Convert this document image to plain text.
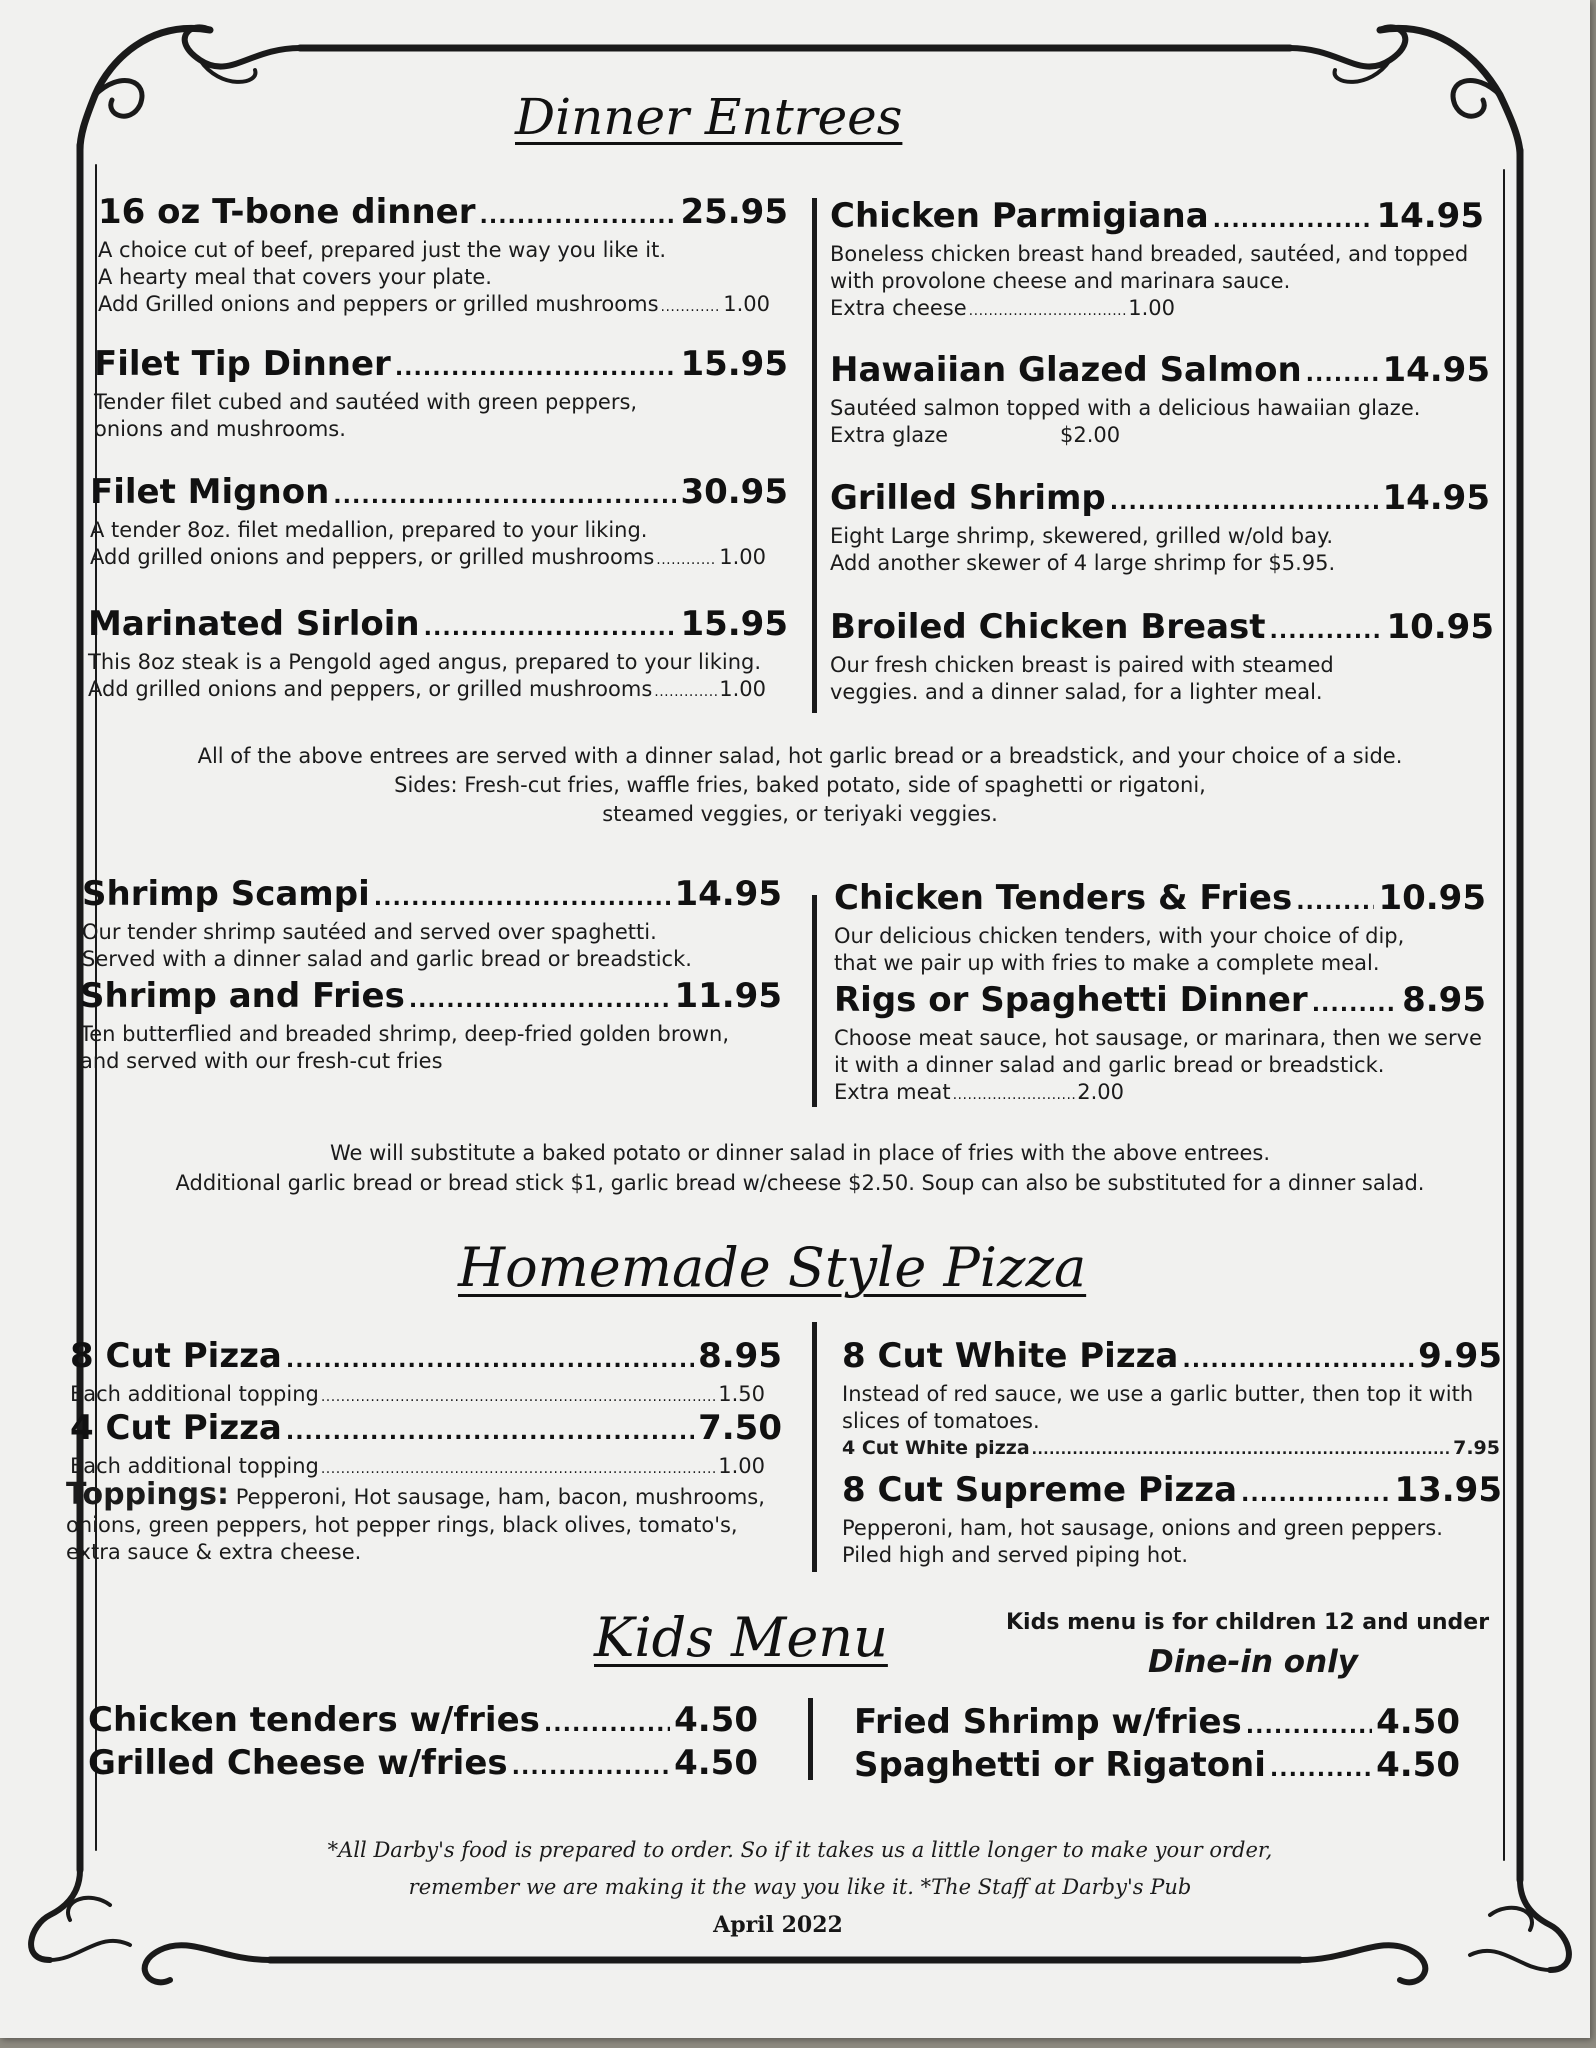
Dinner Entrees
16 oz T-bone dinner .....	25.95
A choice cut of beef, prepared just the way you like it.
A hearty meal that covers your plate.
Add Grilled onions and peppers or grilled mushrooms .....	1.00
Filet Tip Dinner .....	15.95
Tender filet cubed and sautéed with green peppers,
onions and mushrooms.
Filet Mignon .....	30.95
A tender 8oz. filet medallion, prepared to your liking.
Add grilled onions and peppers, or grilled mushrooms .....	1.00
Marinated Sirloin .....	15.95
This 8oz steak is a Pengold aged angus, prepared to your liking.
Add grilled onions and peppers, or grilled mushrooms .....	1.00
Chicken Parmigiana .....	14.95
Boneless chicken breast hand breaded, sautéed, and topped
with provolone cheese and marinara sauce.
Extra cheese .....	1.00
Hawaiian Glazed Salmon ..... 14.95
Sautéed salmon topped with a delicious hawaiian glaze.
Extra glaze	$2.00
Grilled Shrimp .....	14.95
Eight Large shrimp, skewered, grilled w/old bay.
Add another skewer of 4 large shrimp for $5.95.
Broiled Chicken Breast .....	10.95
Our fresh chicken breast is paired with steamed
veggies. and a dinner salad, for a lighter meal.
All of the above entrees are served with a dinner salad, hot garlic bread or a breadstick, and your choice of a side.
Sides: Fresh-cut fries, waffle fries, baked potato, side of spaghetti or rigatoni,
steamed veggies, or teriyaki veggies.
Shrimp Scampi .....	14.95
Our tender shrimp sautéed and served over spaghetti.
Served with a dinner salad and garlic bread or breadstick.
Shrimp and Fries .....	11.95
Ten butterflied and breaded shrimp, deep-fried golden brown,
and served with our fresh-cut fries
Chicken Tenders & Fries .....	10.95
Our delicious chicken tenders, with your choice of dip,
that we pair up with fries to make a complete meal.
Rigs or Spaghetti Dinner .....	8.95
Choose meat sauce, hot sausage, or marinara, then we serve
it with a dinner salad and garlic bread or breadstick.
Extra meat .....	2.00
We will substitute a baked potato or dinner salad in place of fries with the above entrees.
Additional garlic bread or bread stick $1, garlic bread w/cheese $2.50. Soup can also be substituted for a dinner salad.
Homemade Style Pizza
8 Cut Pizza .....	8.95
Each additional topping .....	1.50
4 Cut Pizza .....	7.50
Each additional topping .....	1.00
Toppings: Pepperoni, Hot sausage, ham, bacon, mushrooms,
onions, green peppers, hot pepper rings, black olives, tomato's,
extra sauce & extra cheese.
8 Cut White Pizza .....	9.95
Instead of red sauce, we use a garlic butter, then top it with
slices of tomatoes.
4 Cut White pizza .....	7.95
8 Cut Supreme Pizza .....	13.95
Pepperoni, ham, hot sausage, onions and green peppers.
Piled high and served piping hot.
Kids Menu	Kids menu is for children 12 and under
Dine-in only
Chicken tenders w/fries .....	4.50
Grilled Cheese w/fries .....	4.50
Fried Shrimp w/fries .....	4.50
Spaghetti or Rigatoni .....	4.50
*All Darby's food is prepared to order. So if it takes us a little longer to make your order,
remember we are making it the way you like it. *The Staff at Darby's Pub
April 2022
